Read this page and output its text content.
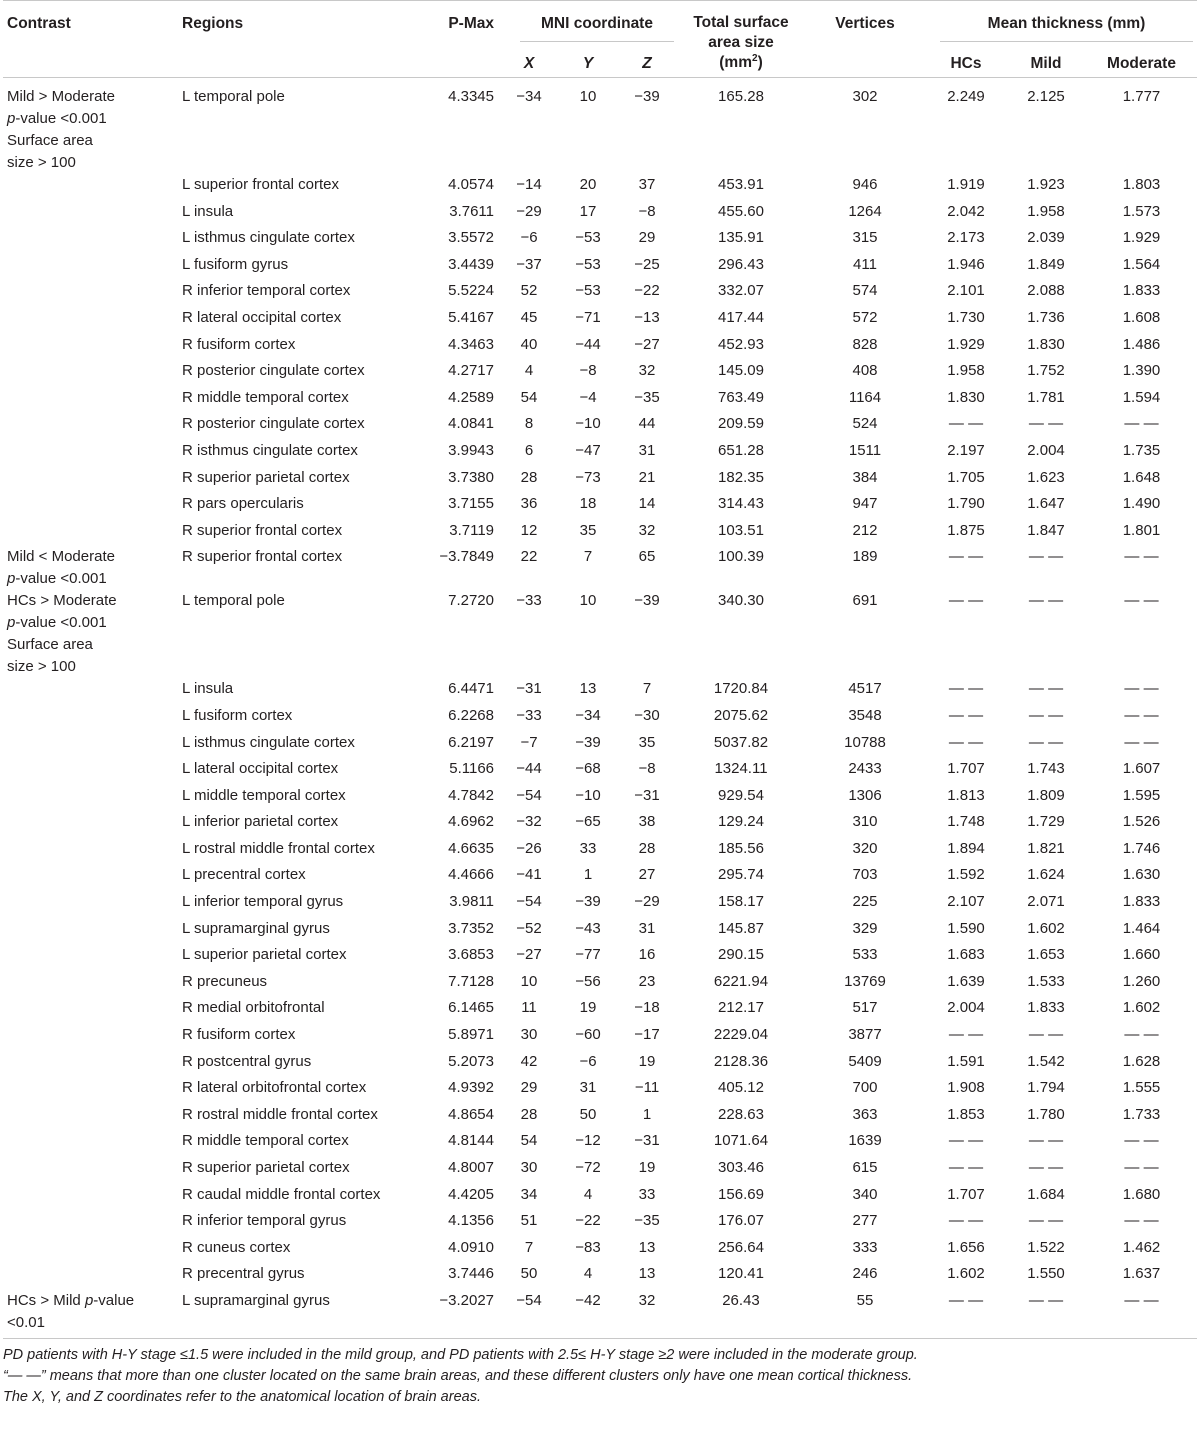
Contrast	Regions	P-Max	MNI coordinate			Total surface
area size
$(mm^2)$	Vertices	Mean thickness (mm)		

			X	Y	Z			HCs	Mild	Moderate

Mild > Moderate
p-value <0.001
Surface area
size > 100	L temporal pole	4.3345	−34	10	−39	165.28	302	2.249	2.125	1.777
	L superior frontal cortex	4.0574	−14	20	37	453.91	946	1.919	1.923	1.803
	L insula	3.7611	−29	17	−8	455.60	1264	2.042	1.958	1.573
	L isthmus cingulate cortex	3.5572	−6	−53	29	135.91	315	2.173	2.039	1.929
	L fusiform gyrus	3.4439	−37	−53	−25	296.43	411	1.946	1.849	1.564
	R inferior temporal cortex	5.5224	52	−53	−22	332.07	574	2.101	2.088	1.833
	R lateral occipital cortex	5.4167	45	−71	−13	417.44	572	1.730	1.736	1.608
	R fusiform cortex	4.3463	40	−44	−27	452.93	828	1.929	1.830	1.486
	R posterior cingulate cortex	4.2717	4	−8	32	145.09	408	1.958	1.752	1.390
	R middle temporal cortex	4.2589	54	−4	−35	763.49	1164	1.830	1.781	1.594
	R posterior cingulate cortex	4.0841	8	−10	44	209.59	524	— —	— —	— —
	R isthmus cingulate cortex	3.9943	6	−47	31	651.28	1511	2.197	2.004	1.735
	R superior parietal cortex	3.7380	28	−73	21	182.35	384	1.705	1.623	1.648
	R pars opercularis	3.7155	36	18	14	314.43	947	1.790	1.647	1.490
	R superior frontal cortex	3.7119	12	35	32	103.51	212	1.875	1.847	1.801

Mild < Moderate
p-value <0.001	R superior frontal cortex	−3.7849	22	7	65	100.39	189	— —	— —	— —

HCs > Moderate
p-value <0.001
Surface area
size > 100	L temporal pole	7.2720	−33	10	−39	340.30	691	— —	— —	— —
	L insula	6.4471	−31	13	7	1720.84	4517	— —	— —	— —
	L fusiform cortex	6.2268	−33	−34	−30	2075.62	3548	— —	— —	— —
	L isthmus cingulate cortex	6.2197	−7	−39	35	5037.82	10788	— —	— —	— —
	L lateral occipital cortex	5.1166	−44	−68	−8	1324.11	2433	1.707	1.743	1.607
	L middle temporal cortex	4.7842	−54	−10	−31	929.54	1306	1.813	1.809	1.595
	L inferior parietal cortex	4.6962	−32	−65	38	129.24	310	1.748	1.729	1.526
	L rostral middle frontal cortex	4.6635	−26	33	28	185.56	320	1.894	1.821	1.746
	L precentral cortex	4.4666	−41	1	27	295.74	703	1.592	1.624	1.630
	L inferior temporal gyrus	3.9811	−54	−39	−29	158.17	225	2.107	2.071	1.833
	L supramarginal gyrus	3.7352	−52	−43	31	145.87	329	1.590	1.602	1.464
	L superior parietal cortex	3.6853	−27	−77	16	290.15	533	1.683	1.653	1.660
	R precuneus	7.7128	10	−56	23	6221.94	13769	1.639	1.533	1.260
	R medial orbitofrontal	6.1465	11	19	−18	212.17	517	2.004	1.833	1.602
	R fusiform cortex	5.8971	30	−60	−17	2229.04	3877	— —	— —	— —
	R postcentral gyrus	5.2073	42	−6	19	2128.36	5409	1.591	1.542	1.628
	R lateral orbitofrontal cortex	4.9392	29	31	−11	405.12	700	1.908	1.794	1.555
	R rostral middle frontal cortex	4.8654	28	50	1	228.63	363	1.853	1.780	1.733
	R middle temporal cortex	4.8144	54	−12	−31	1071.64	1639	— —	— —	— —
	R superior parietal cortex	4.8007	30	−72	19	303.46	615	— —	— —	— —
	R caudal middle frontal cortex	4.4205	34	4	33	156.69	340	1.707	1.684	1.680
	R inferior temporal gyrus	4.1356	51	−22	−35	176.07	277	— —	— —	— —
	R cuneus cortex	4.0910	7	−83	13	256.64	333	1.656	1.522	1.462
	R precentral gyrus	3.7446	50	4	13	120.41	246	1.602	1.550	1.637

HCs > Mild p-value
<0.01	L supramarginal gyrus	−3.2027	−54	−42	32	26.43	55	— —	— —	— —
PD patients with H-Y stage ≤1.5 were included in the mild group, and PD patients with 2.5≤ H-Y stage ≥2 were included in the moderate group.
“— —” means that more than one cluster located on the same brain areas, and these different clusters only have one mean cortical thickness.
The X, Y, and Z coordinates refer to the anatomical location of brain areas.
